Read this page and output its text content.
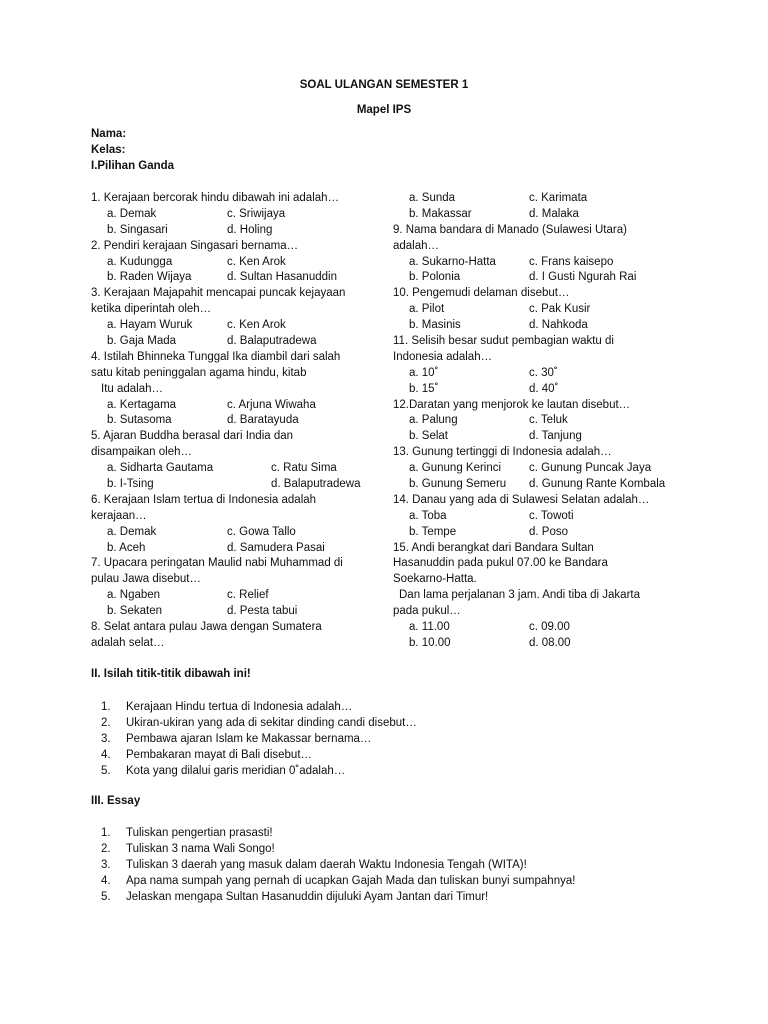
SOAL ULANGAN SEMESTER 1
Mapel IPS
Nama:
Kelas:
I.Pilihan Ganda
1. Kerajaan bercorak hindu dibawah ini adalah…
a. Demak	c. Sriwijaya
b. Singasari	d. Holing
2. Pendiri kerajaan Singasari bernama…
a. Kudungga	c. Ken Arok
b. Raden Wijaya	d. Sultan Hasanuddin
3. Kerajaan Majapahit mencapai puncak kejayaan
ketika diperintah oleh…
a. Hayam Wuruk	c. Ken Arok
b. Gaja Mada	d. Balaputradewa
4. Istilah Bhinneka Tunggal Ika diambil dari salah
satu kitab peninggalan agama hindu, kitab
Itu adalah…
a. Kertagama	c. Arjuna Wiwaha
b. Sutasoma	d. Baratayuda
5. Ajaran Buddha berasal dari India dan
disampaikan oleh…
a. Sidharta Gautama	c. Ratu Sima
b. I-Tsing	d. Balaputradewa
6. Kerajaan Islam tertua di Indonesia adalah
kerajaan…
a. Demak	c. Gowa Tallo
b. Aceh	d. Samudera Pasai
7. Upacara peringatan Maulid nabi Muhammad di
pulau Jawa disebut…
a. Ngaben	c. Relief
b. Sekaten	d. Pesta tabui
8. Selat antara pulau Jawa dengan Sumatera
adalah selat…
a. Sunda	c. Karimata
b. Makassar	d. Malaka
9. Nama bandara di Manado (Sulawesi Utara)
adalah…
a. Sukarno-Hatta	c. Frans kaisepo
b. Polonia	d. I Gusti Ngurah Rai
10. Pengemudi delaman disebut…
a. Pilot	c. Pak Kusir
b. Masinis	d. Nahkoda
11. Selisih besar sudut pembagian waktu di
Indonesia adalah…
a. 10˚	c. 30˚
b. 15˚	d. 40˚
12.Daratan yang menjorok ke lautan disebut…
a. Palung	c. Teluk
b. Selat	d. Tanjung
13. Gunung tertinggi di Indonesia adalah…
a. Gunung Kerinci c. Gunung Puncak Jaya
b. Gunung Semeru d. Gunung Rante Kombala
14. Danau yang ada di Sulawesi Selatan adalah…
a. Toba	c. Towoti
b. Tempe	d. Poso
15. Andi berangkat dari Bandara Sultan
Hasanuddin pada pukul 07.00 ke Bandara
Soekarno-Hatta.
Dan lama perjalanan 3 jam. Andi tiba di Jakarta
pada pukul…
a. 11.00	c. 09.00
b. 10.00	d. 08.00
II. Isilah titik-titik dibawah ini!
1. Kerajaan Hindu tertua di Indonesia adalah…
2. Ukiran-ukiran yang ada di sekitar dinding candi disebut…
3. Pembawa ajaran Islam ke Makassar bernama…
4. Pembakaran mayat di Bali disebut…
5. Kota yang dilalui garis meridian 0˚adalah…
III. Essay
1. Tuliskan pengertian prasasti!
2. Tuliskan 3 nama Wali Songo!
3. Tuliskan 3 daerah yang masuk dalam daerah Waktu Indonesia Tengah (WITA)!
4. Apa nama sumpah yang pernah di ucapkan Gajah Mada dan tuliskan bunyi sumpahnya!
5. Jelaskan mengapa Sultan Hasanuddin dijuluki Ayam Jantan dari Timur!
